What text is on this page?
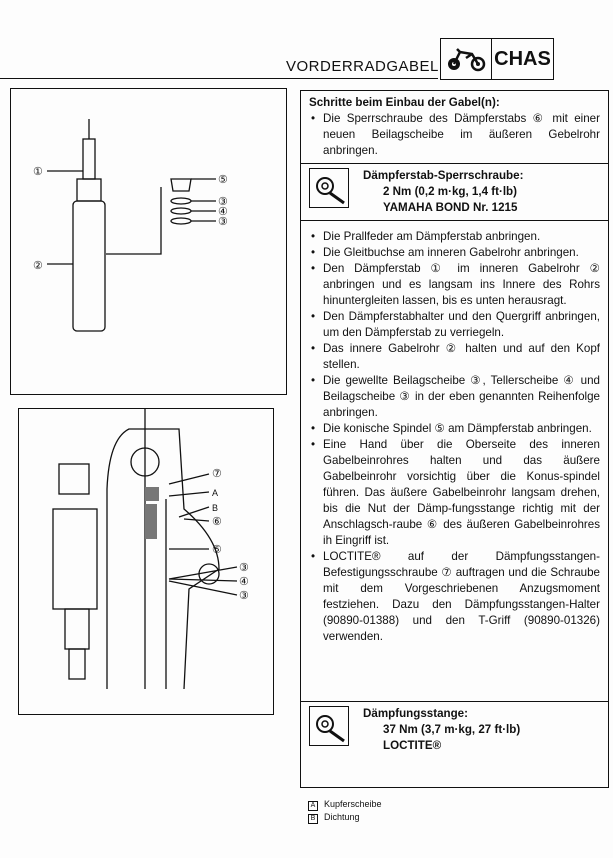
VORDERRADGABEL	CHAS
①
②
⑤
③
④
③
⑦
A
B
⑥
⑤
③
④
③
Schritte beim Einbau der Gabel(n):
• Die Sperrschraube des Dämpferstabs ⑥ mit einer neuen Beilagscheibe im äußeren Gebelrohr anbringen.
Dämpferstab-Sperrschraube:
2 Nm (0,2 m·kg, 1,4 ft·lb)
YAMAHA BOND Nr. 1215
• Die Prallfeder am Dämpferstab anbringen.
• Die Gleitbuchse am inneren Gabelrohr anbringen.
• Den Dämpferstab ① im inneren Gabelrohr ② anbringen und es langsam ins Innere des Rohrs hinuntergleiten lassen, bis es unten herausragt.
• Den Dämpferstabhalter und den Quergriff anbringen, um den Dämpferstab zu verriegeln.
• Das innere Gabelrohr ② halten und auf den Kopf stellen.
• Die gewellte Beilagscheibe ③, Tellerscheibe ④ und Beilagscheibe ③ in der eben genannten Reihenfolge anbringen.
• Die konische Spindel ⑤ am Dämpferstab anbringen.
• Eine Hand über die Oberseite des inneren Gabelbeinrohres halten und das äußere Gabelbeinrohr vorsichtig über die Konus-spindel führen. Das äußere Gabelbeinrohr langsam drehen, bis die Nut der Dämp-fungsstange richtig mit der Anschlagsch-raube ⑥ des äußeren Gabelbeinrohres ih Eingriff ist.
• LOCTITE® auf der Dämpfungsstangen-Befestigungsschraube ⑦ auftragen und die Schraube mit dem Vorgeschriebenen Anzugsmoment festziehen. Dazu den Dämpfungsstangen-Halter (90890-01388) und den T-Griff (90890-01326) verwenden.
Dämpfungsstange:
37 Nm (3,7 m·kg, 27 ft·lb)
LOCTITE®
A Kupferscheibe
B Dichtung
